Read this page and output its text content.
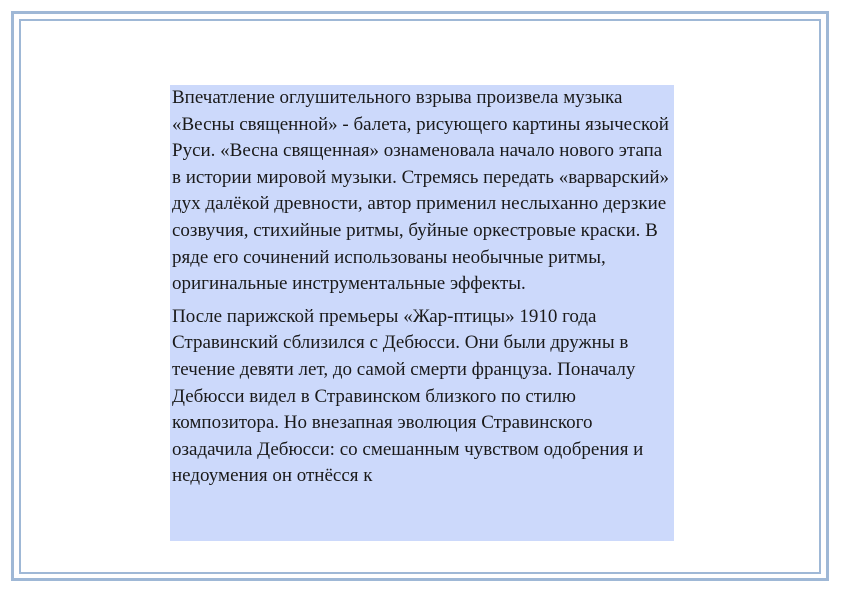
Впечатление оглушительного взрыва произвела музыка «Весны священной» - балета, рисующего картины языческой Руси. «Весна священная» ознаменовала начало нового этапа в истории мировой музыки. Стремясь передать «варварский» дух далёкой древности, автор применил неслыханно дерзкие созвучия, стихийные ритмы, буйные оркестровые краски. В ряде его сочинений использованы необычные ритмы, оригинальные инструментальные эффекты.

После парижской премьеры «Жар-птицы» 1910 года Стравинский сблизился с Дебюсси. Они были дружны в течение девяти лет, до самой смерти француза. Поначалу Дебюсси видел в Стравинском близкого по стилю композитора. Но внезапная эволюция Стравинского озадачила Дебюсси: со смешанным чувством одобрения и недоумения он отнёсся к
